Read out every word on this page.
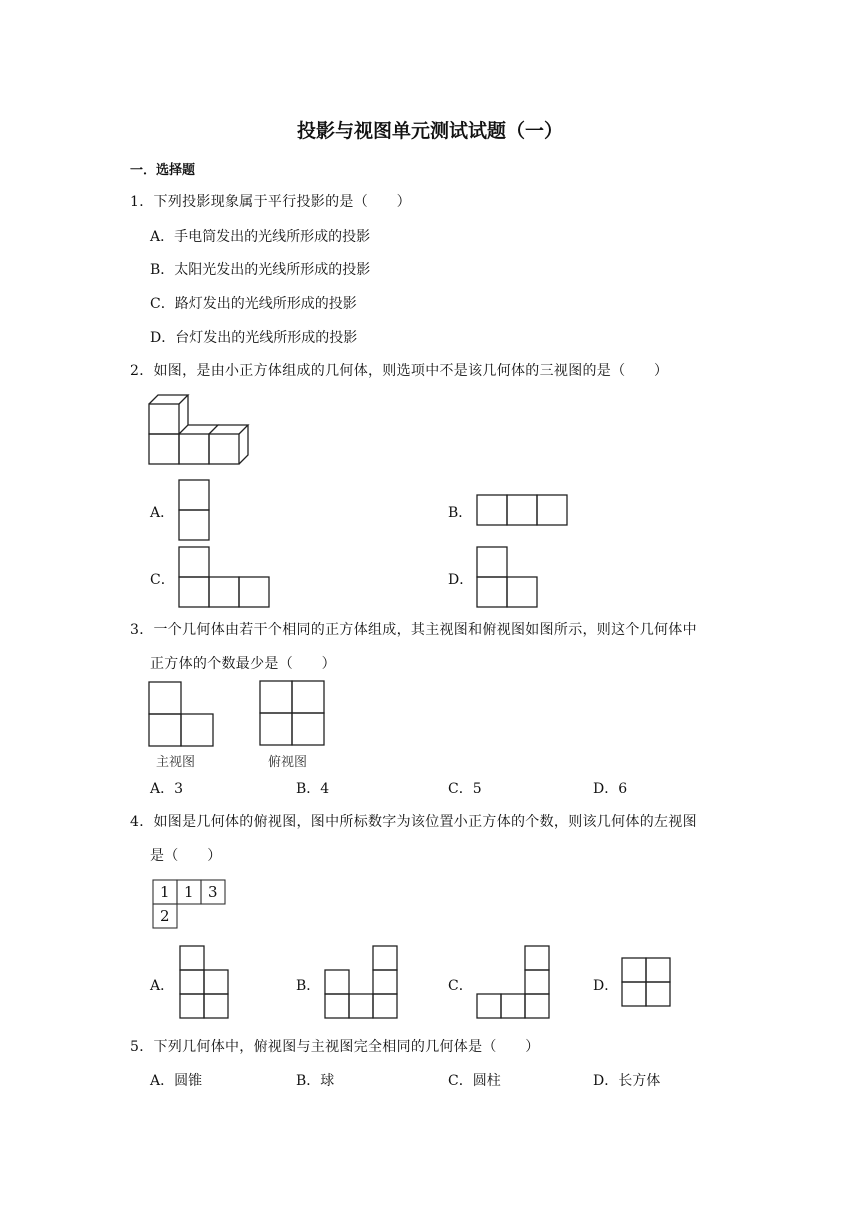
投影与视图单元测试试题（一）
一．选择题
1．下列投影现象属于平行投影的是（　　）
A．手电筒发出的光线所形成的投影
B．太阳光发出的光线所形成的投影
C．路灯发出的光线所形成的投影
D．台灯发出的光线所形成的投影
2．如图，是由小正方体组成的几何体，则选项中不是该几何体的三视图的是（　　）
A．	B．
C．	D．
3．一个几何体由若干个相同的正方体组成，其主视图和俯视图如图所示，则这个几何体中
正方体的个数最少是（　　）
主视图	俯视图
A．3	B．4	C．5	D．6
4．如图是几何体的俯视图，图中所标数字为该位置小正方体的个数，则该几何体的左视图
是（　　）
1 1 3
2
A．	B．	C．	D．
5．下列几何体中，俯视图与主视图完全相同的几何体是（　　）
A．圆锥	B．球	C．圆柱	D．长方体
